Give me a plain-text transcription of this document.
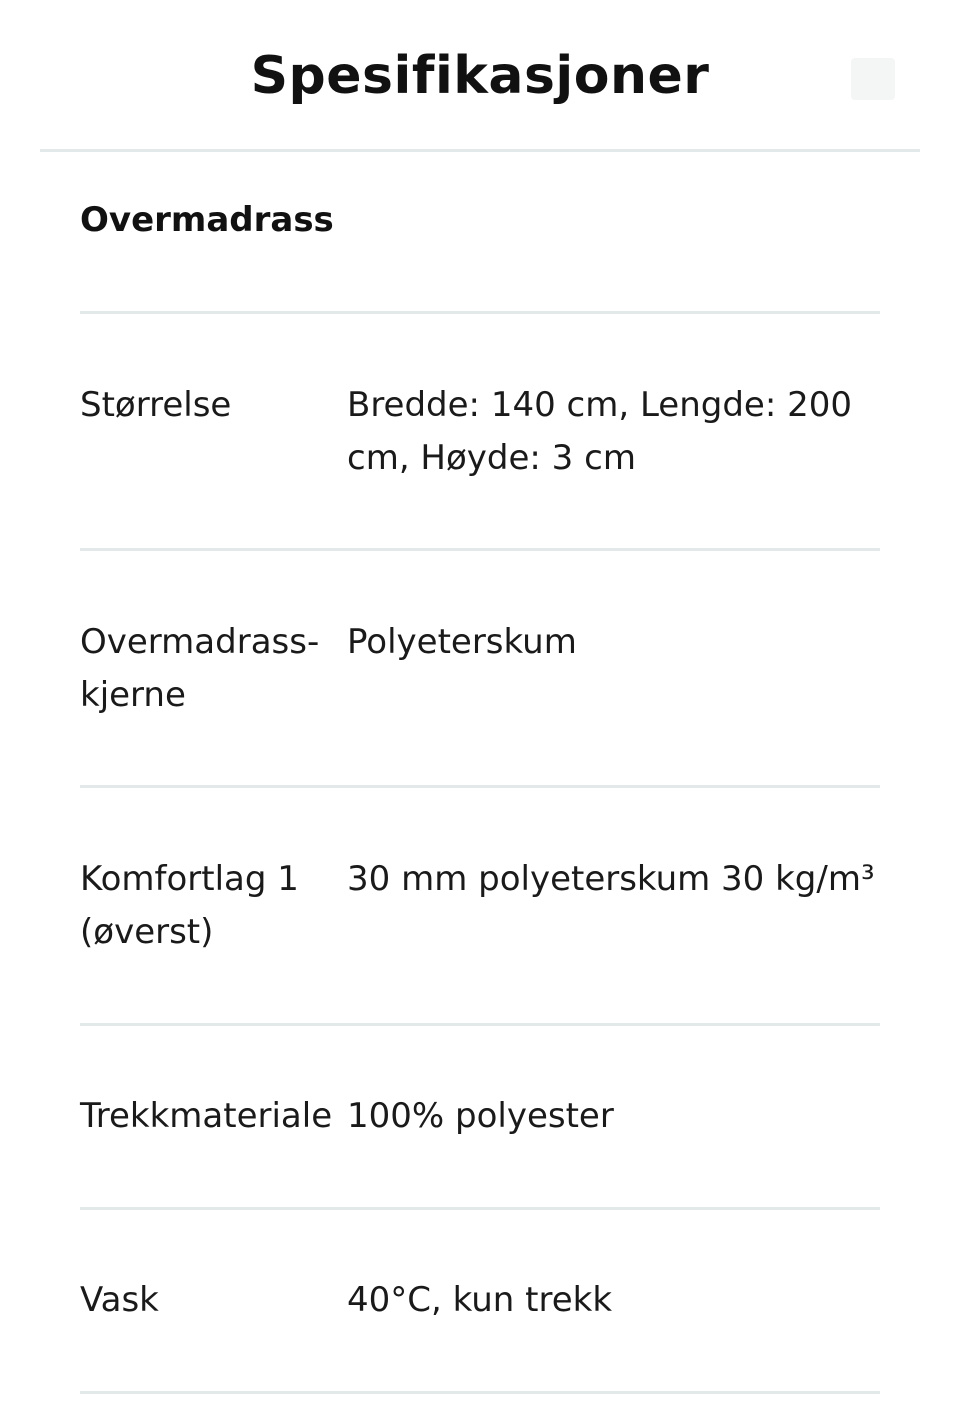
Spesifikasjoner
Overmadrass
Størrelse	Bredde: 140 cm, Lengde: 200
cm, Høyde: 3 cm
Overmadrass-
kjerne
Polyeterskum
Komfortlag 1
(øverst)
30 mm polyeterskum 30 kg/m³
Trekkmateriale 100% polyester
Vask	40°C, kun trekk
